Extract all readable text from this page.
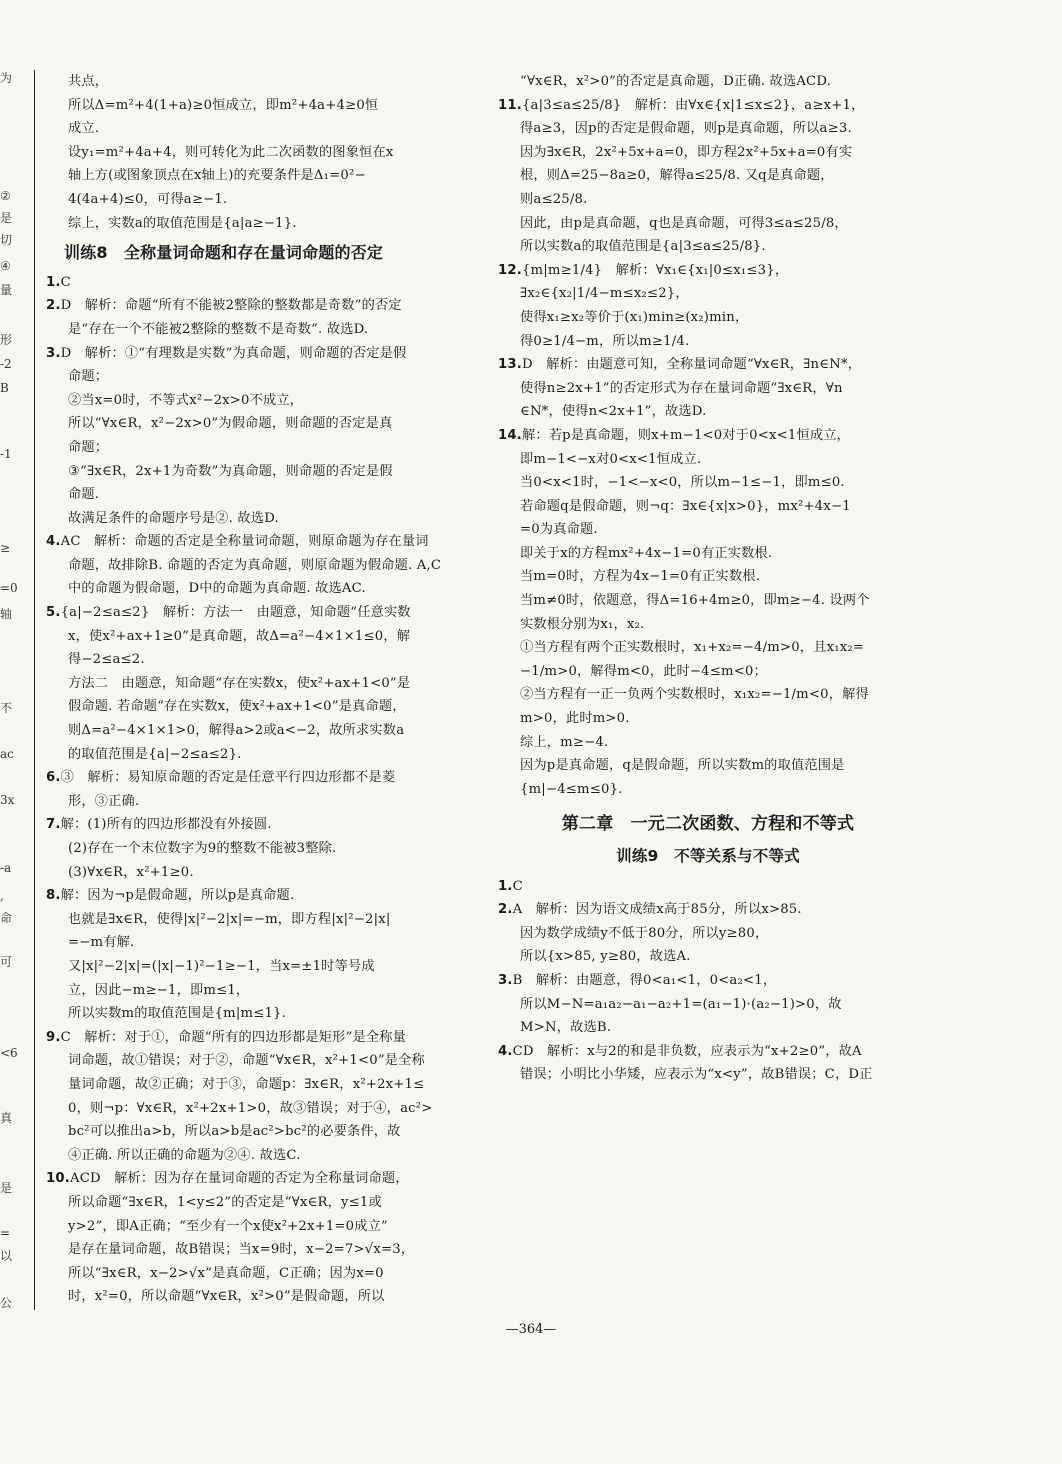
为
②
是
切
④
量
形
-2
B
-1
≥
=0
轴
不
ac
3x
-a
,
命
可
<6
真
是
=
以
公

共点，

所以Δ=m²+4(1+a)≥0恒成立，即m²+4a+4≥0恒

成立.

设y₁=m²+4a+4，则可转化为此二次函数的图象恒在x

轴上方(或图象顶点在x轴上)的充要条件是Δ₁=0²−

4(4a+4)≤0，可得a≥−1.

综上，实数a的取值范围是{a|a≥−1}.

训练8　全称量词命题和存在量词命题的否定

1.C

2.D　解析：命题“所有不能被2整除的整数都是奇数”的否定

是“存在一个不能被2整除的整数不是奇数”. 故选D.

3.D　解析：①“有理数是实数”为真命题，则命题的否定是假

命题；

②当x=0时，不等式x²−2x>0不成立，

所以“∀x∈R，x²−2x>0”为假命题，则命题的否定是真

命题；

③“∃x∈R，2x+1为奇数”为真命题，则命题的否定是假

命题.

故满足条件的命题序号是②. 故选D.

4.AC　解析：命题的否定是全称量词命题，则原命题为存在量词

命题，故排除B. 命题的否定为真命题，则原命题为假命题. A,C

中的命题为假命题，D中的命题为真命题. 故选AC.

5.{a|−2≤a≤2}　解析：方法一　由题意，知命题“任意实数

x，使x²+ax+1≥0”是真命题，故Δ=a²−4×1×1≤0，解

得−2≤a≤2.

方法二　由题意，知命题“存在实数x，使x²+ax+1<0”是

假命题. 若命题“存在实数x，使x²+ax+1<0”是真命题，

则Δ=a²−4×1×1>0，解得a>2或a<−2，故所求实数a

的取值范围是{a|−2≤a≤2}.

6.③　解析：易知原命题的否定是任意平行四边形都不是菱

形，③正确.

7.解：(1)所有的四边形都没有外接圆.

(2)存在一个末位数字为9的整数不能被3整除.

(3)∀x∈R，x²+1≥0.

8.解：因为¬p是假命题，所以p是真命题.

也就是∃x∈R，使得|x|²−2|x|=−m，即方程|x|²−2|x|

=−m有解.

又|x|²−2|x|=(|x|−1)²−1≥−1，当x=±1时等号成

立，因此−m≥−1，即m≤1，

所以实数m的取值范围是{m|m≤1}.

9.C　解析：对于①，命题“所有的四边形都是矩形”是全称量

词命题，故①错误；对于②，命题“∀x∈R，x²+1<0”是全称

量词命题，故②正确；对于③，命题p：∃x∈R，x²+2x+1≤

0，则¬p：∀x∈R，x²+2x+1>0，故③错误；对于④，ac²>

bc²可以推出a>b，所以a>b是ac²>bc²的必要条件，故

④正确. 所以正确的命题为②④. 故选C.

10.ACD　解析：因为存在量词命题的否定为全称量词命题，

所以命题“∃x∈R，1<y≤2”的否定是“∀x∈R，y≤1或

y>2”，即A正确；“至少有一个x使x²+2x+1=0成立”

是存在量词命题，故B错误；当x=9时，x−2=7>√x=3，

所以“∃x∈R，x−2>√x”是真命题，C正确；因为x=0

时，x²=0，所以命题“∀x∈R，x²>0”是假命题，所以

“∀x∈R，x²>0”的否定是真命题，D正确. 故选ACD.

11.{a|3≤a≤25/8}　解析：由∀x∈{x|1≤x≤2}，a≥x+1，

得a≥3，因p的否定是假命题，则p是真命题，所以a≥3.

因为∃x∈R，2x²+5x+a=0，即方程2x²+5x+a=0有实

根，则Δ=25−8a≥0，解得a≤25/8. 又q是真命题，

则a≤25/8.

因此，由p是真命题，q也是真命题，可得3≤a≤25/8，

所以实数a的取值范围是{a|3≤a≤25/8}.

12.{m|m≥1/4}　解析：∀x₁∈{x₁|0≤x₁≤3}，

∃x₂∈{x₂|1/4−m≤x₂≤2}，

使得x₁≥x₂等价于(x₁)min≥(x₂)min，

得0≥1/4−m，所以m≥1/4.

13.D　解析：由题意可知，全称量词命题“∀x∈R，∃n∈N*，

使得n≥2x+1”的否定形式为存在量词命题“∃x∈R，∀n

∈N*，使得n<2x+1”，故选D.

14.解：若p是真命题，则x+m−1<0对于0<x<1恒成立，

即m−1<−x对0<x<1恒成立.

当0<x<1时，−1<−x<0，所以m−1≤−1，即m≤0.

若命题q是假命题，则¬q：∃x∈{x|x>0}，mx²+4x−1

=0为真命题.

即关于x的方程mx²+4x−1=0有正实数根.

当m=0时，方程为4x−1=0有正实数根.

当m≠0时，依题意，得Δ=16+4m≥0，即m≥−4. 设两个

实数根分别为x₁，x₂.

①当方程有两个正实数根时，x₁+x₂=−4/m>0，且x₁x₂=

−1/m>0，解得m<0，此时−4≤m<0；

②当方程有一正一负两个实数根时，x₁x₂=−1/m<0，解得

m>0，此时m>0.

综上，m≥−4.

因为p是真命题，q是假命题，所以实数m的取值范围是

{m|−4≤m≤0}.

第二章　一元二次函数、方程和不等式

训练9　不等关系与不等式

1.C

2.A　解析：因为语文成绩x高于85分，所以x>85.

因为数学成绩y不低于80分，所以y≥80，

所以{x>85, y≥80，故选A.

3.B　解析：由题意，得0<a₁<1，0<a₂<1，

所以M−N=a₁a₂−a₁−a₂+1=(a₁−1)·(a₂−1)>0，故

M>N，故选B.

4.CD　解析：x与2的和是非负数，应表示为“x+2≥0”，故A

错误；小明比小华矮，应表示为“x<y”，故B错误；C，D正

—364—
